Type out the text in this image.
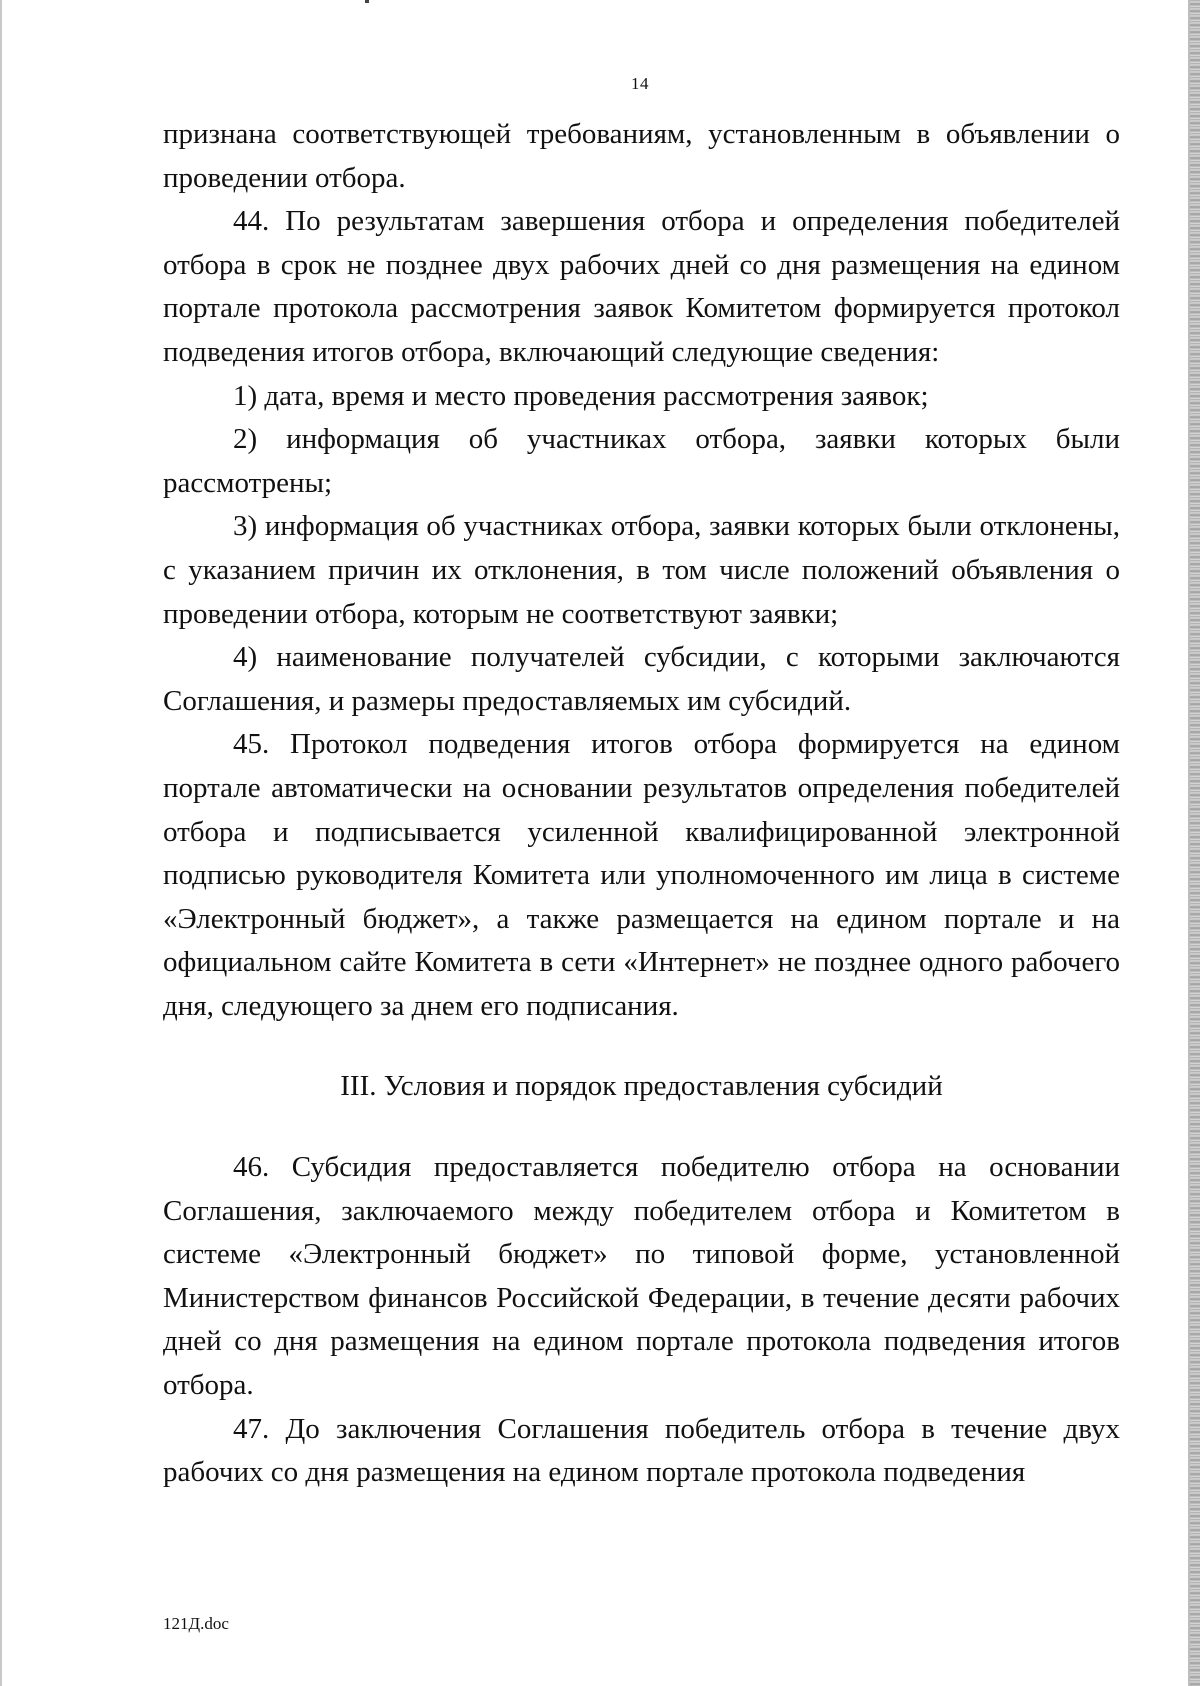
14

признана соответствующей требованиям, установленным в объявлении о проведении отбора.

44. По результатам завершения отбора и определения победителей отбора в срок не позднее двух рабочих дней со дня размещения на едином портале протокола рассмотрения заявок Комитетом формируется протокол подведения итогов отбора, включающий следующие сведения:

1) дата, время и место проведения рассмотрения заявок;

2) информация об участниках отбора, заявки которых были рассмотрены;

3) информация об участниках отбора, заявки которых были отклонены, с указанием причин их отклонения, в том числе положений объявления о проведении отбора, которым не соответствуют заявки;

4) наименование получателей субсидии, с которыми заключаются Соглашения, и размеры предоставляемых им субсидий.

45. Протокол подведения итогов отбора формируется на едином портале автоматически на основании результатов определения победителей отбора и подписывается усиленной квалифицированной электронной подписью руководителя Комитета или уполномоченного им лица в системе «Электронный бюджет», а также размещается на едином портале и на официальном сайте Комитета в сети «Интернет» не позднее одного рабочего дня, следующего за днем его подписания.

III. Условия и порядок предоставления субсидий

46. Субсидия предоставляется победителю отбора на основании Соглашения, заключаемого между победителем отбора и Комитетом в системе «Электронный бюджет» по типовой форме, установленной Министерством финансов Российской Федерации, в течение десяти рабочих дней со дня размещения на едином портале протокола подведения итогов отбора.

47. До заключения Соглашения победитель отбора в течение двух рабочих со дня размещения на едином портале протокола подведения

121Д.doc
